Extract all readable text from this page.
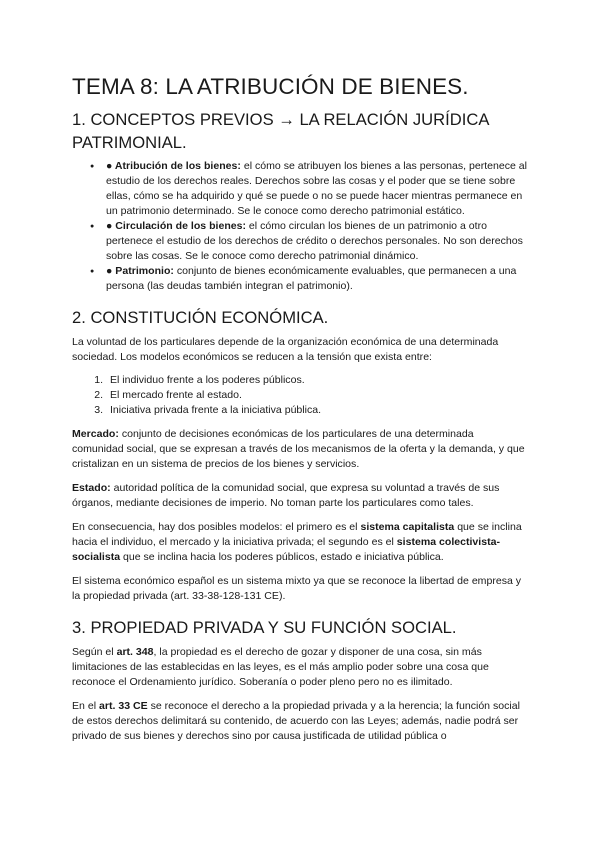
TEMA 8: LA ATRIBUCIÓN DE BIENES.
1. CONCEPTOS PREVIOS → LA RELACIÓN JURÍDICA PATRIMONIAL.
● ● Atribución de los bienes: el cómo se atribuyen los bienes a las personas, pertenece al estudio de los derechos reales. Derechos sobre las cosas y el poder que se tiene sobre ellas, cómo se ha adquirido y qué se puede o no se puede hacer mientras permanece en un patrimonio determinado. Se le conoce como derecho patrimonial estático.
● ● Circulación de los bienes: el cómo circulan los bienes de un patrimonio a otro pertenece el estudio de los derechos de crédito o derechos personales. No son derechos sobre las cosas. Se le conoce como derecho patrimonial dinámico.
● ● Patrimonio: conjunto de bienes económicamente evaluables, que permanecen a una persona (las deudas también integran el patrimonio).
2. CONSTITUCIÓN ECONÓMICA.

La voluntad de los particulares depende de la organización económica de una determinada sociedad. Los modelos económicos se reducen a la tensión que exista entre:

1. El individuo frente a los poderes públicos.
2. El mercado frente al estado.
3. Iniciativa privada frente a la iniciativa pública.

Mercado: conjunto de decisiones económicas de los particulares de una determinada comunidad social, que se expresan a través de los mecanismos de la oferta y la demanda, y que cristalizan en un sistema de precios de los bienes y servicios.

Estado: autoridad política de la comunidad social, que expresa su voluntad a través de sus órganos, mediante decisiones de imperio. No toman parte los particulares como tales.

En consecuencia, hay dos posibles modelos: el primero es el sistema capitalista que se inclina hacia el individuo, el mercado y la iniciativa privada; el segundo es el sistema colectivista-socialista que se inclina hacia los poderes públicos, estado e iniciativa pública.

El sistema económico español es un sistema mixto ya que se reconoce la libertad de empresa y la propiedad privada (art. 33-38-128-131 CE).

3. PROPIEDAD PRIVADA Y SU FUNCIÓN SOCIAL.

Según el art. 348, la propiedad es el derecho de gozar y disponer de una cosa, sin más limitaciones de las establecidas en las leyes, es el más amplio poder sobre una cosa que reconoce el Ordenamiento jurídico. Soberanía o poder pleno pero no es ilimitado.

En el art. 33 CE se reconoce el derecho a la propiedad privada y a la herencia; la función social de estos derechos delimitará su contenido, de acuerdo con las Leyes; además, nadie podrá ser privado de sus bienes y derechos sino por causa justificada de utilidad pública o
